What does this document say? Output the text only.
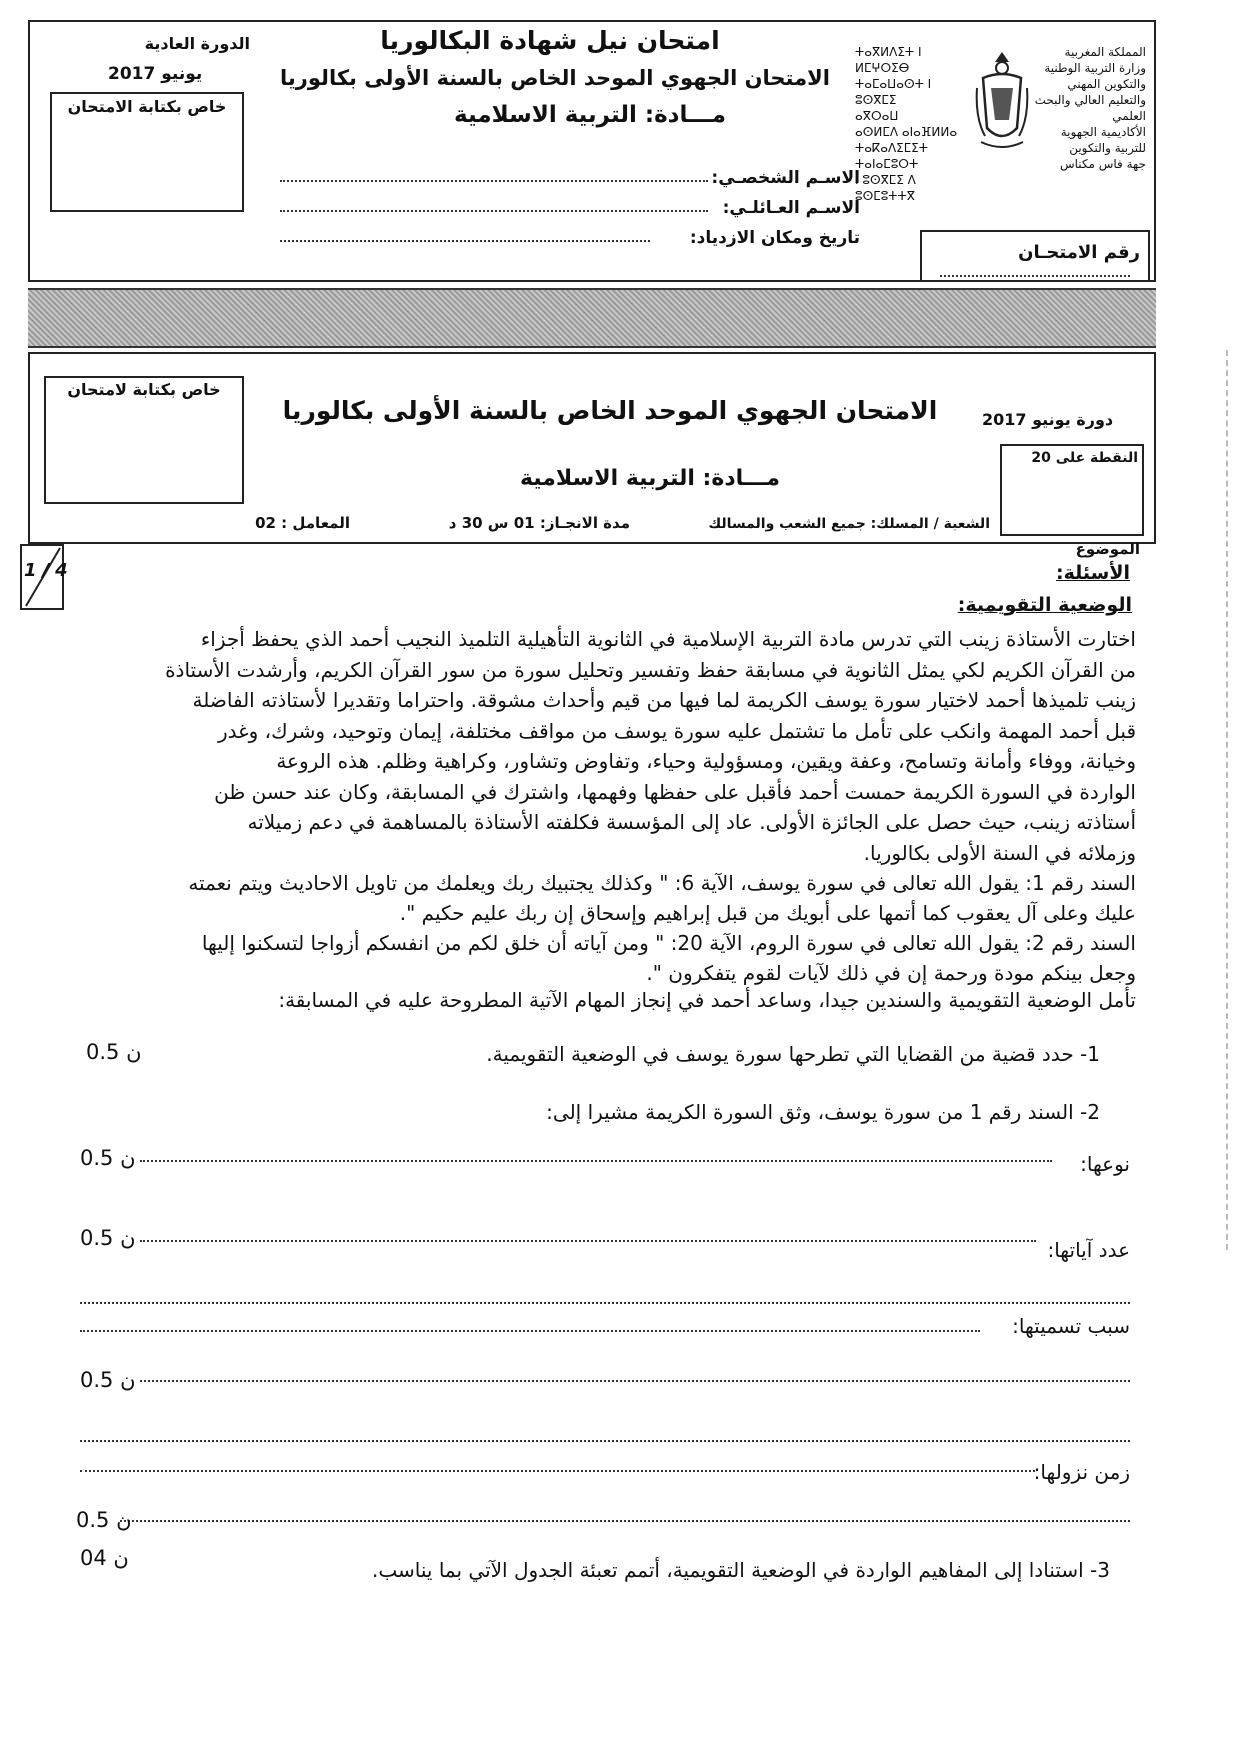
الدورة العادية
يونيو 2017
خاص بكتابة الامتحان
امتحان نيل شهادة البكالوريا
الامتحان الجهوي الموحد الخاص بالسنة الأولى بكالوريا
مـــادة: التربية الاسلامية
ⵜⴰⴳⵍⴷⵉⵜ ⵏ ⵍⵎⵖⵔⵉⴱ
ⵜⴰⵎⴰⵡⴰⵙⵜ ⵏ ⵓⵙⴳⵎⵉ
ⴰⴳⵔⴰⵡ
ⴰⵙⵍⵎⴷ ⴰⵏⴰⴼⵍⵍⴰ
ⵜⴰⴽⴰⴷⵉⵎⵉⵜ ⵜⴰⵏⴰⵎⵓⵔⵜ
ⵏ ⵓⵙⴳⵎⵉ ⴷ ⵓⵙⵎⵓⵜⵜⴳ
المملكة المغربية
وزارة التربية الوطنية
والتكوين المهني
والتعليم العالي والبحث العلمي
الأكاديمية الجهوية للتربية والتكوين
جهة فاس مكناس
الاسـم الشخصـي:
الاسـم العـائلـي:
تاريخ ومكان الازدياد:
رقم الامتحـان
خاص بكتابة لامتحان
الامتحان الجهوي الموحد الخاص بالسنة الأولى بكالوريا	دورة يونيو 2017
النقطة على 20
مـــادة: التربية الاسلامية
الشعبة / المسلك: جميع الشعب والمسالك
مدة الانجـاز: 01 س 30 د
المعامل : 02
الموضوع
1/4	الأسئلة:
الوضعية التقويمية:
اختارت الأستاذة زينب التي تدرس مادة التربية الإسلامية في الثانوية التأهيلية التلميذ النجيب أحمد الذي يحفظ أجزاء
من القرآن الكريم لكي يمثل الثانوية في مسابقة حفظ وتفسير وتحليل سورة من سور القرآن الكريم، وأرشدت الأستاذة
زينب تلميذها أحمد لاختيار سورة يوسف الكريمة لما فيها من قيم وأحداث مشوقة. واحتراما وتقديرا لأستاذته الفاضلة
قبل أحمد المهمة وانكب على تأمل ما تشتمل عليه سورة يوسف من مواقف مختلفة، إيمان وتوحيد، وشرك، وغدر
وخيانة، ووفاء وأمانة وتسامح، وعفة ويقين، ومسؤولية وحياء، وتفاوض وتشاور، وكراهية وظلم. هذه الروعة
الواردة في السورة الكريمة حمست أحمد فأقبل على حفظها وفهمها، واشترك في المسابقة، وكان عند حسن ظن
أستاذته زينب، حيث حصل على الجائزة الأولى. عاد إلى المؤسسة فكلفته الأستاذة بالمساهمة في دعم زميلاته
وزملائه في السنة الأولى بكالوريا.
السند رقم 1: يقول الله تعالى في سورة يوسف، الآية 6: " وكذلك يجتبيك ربك ويعلمك من تاويل الاحاديث ويتم نعمته
عليك وعلى آل يعقوب كما أتمها على أبويك من قبل إبراهيم وإسحاق إن ربك عليم حكيم ".
السند رقم 2: يقول الله تعالى في سورة الروم، الآية 20: " ومن آياته أن خلق لكم من انفسكم أزواجا لتسكنوا إليها
وجعل بينكم مودة ورحمة إن في ذلك لآيات لقوم يتفكرون ".
تأمل الوضعية التقويمية والسندين جيدا، وساعد أحمد في إنجاز المهام الآتية المطروحة عليه في المسابقة:
1- حدد قضية من القضايا التي تطرحها سورة يوسف في الوضعية التقويمية.
0.5 ن
2- السند رقم 1 من سورة يوسف، وثق السورة الكريمة مشيرا إلى:
نوعها:
0.5 ن
عدد آياتها:
0.5 ن
سبب تسميتها:
0.5 ن
زمن نزولها:
0.5 ن
3- استنادا إلى المفاهيم الواردة في الوضعية التقويمية، أتمم تعبئة الجدول الآتي بما يناسب.
04 ن
